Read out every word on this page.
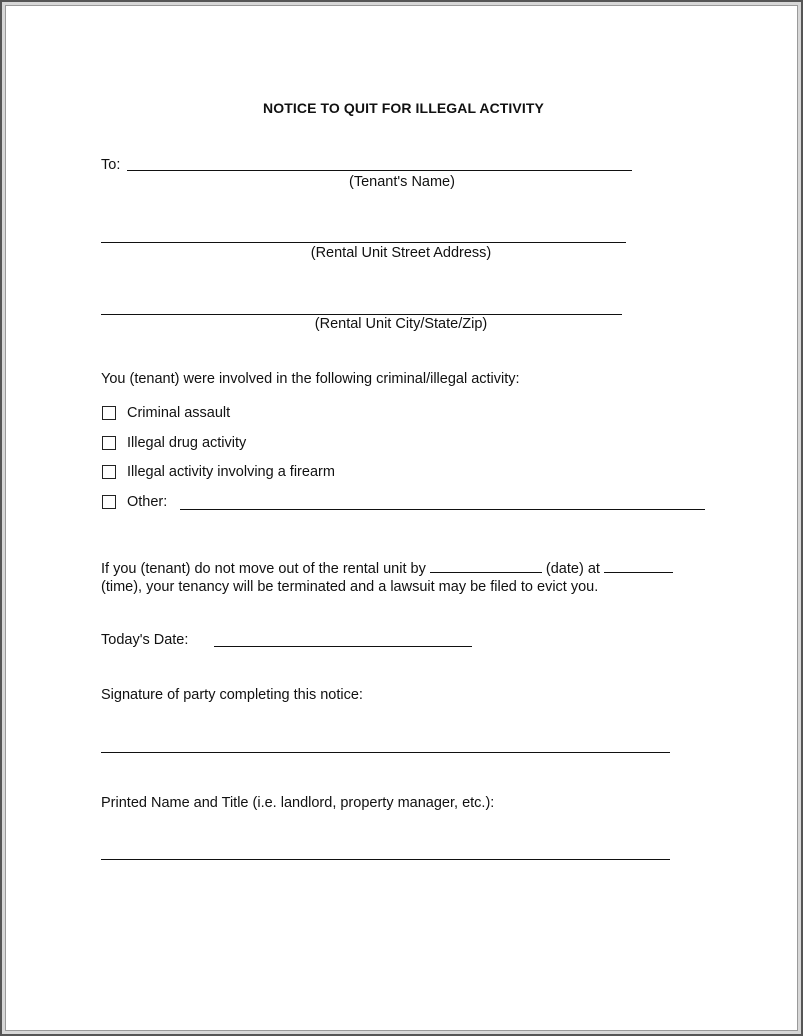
NOTICE TO QUIT FOR ILLEGAL ACTIVITY
To:
(Tenant's Name)
(Rental Unit Street Address)
(Rental Unit City/State/Zip)
You (tenant) were involved in the following criminal/illegal activity:
Criminal assault
Illegal drug activity
Illegal activity involving a firearm
Other:
If you (tenant) do not move out of the rental unit by	(date) at
(time), your tenancy will be terminated and a lawsuit may be filed to evict you.
Today's Date:
Signature of party completing this notice:
Printed Name and Title (i.e. landlord, property manager, etc.):
